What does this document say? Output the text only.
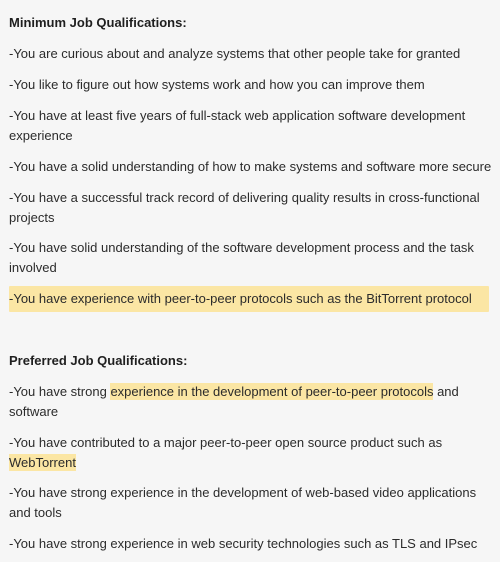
Minimum Job Qualifications:

-You are curious about and analyze systems that other people take for granted

-You like to figure out how systems work and how you can improve them

-You have at least five years of full-stack web application software development experience

-You have a solid understanding of how to make systems and software more secure

-You have a successful track record of delivering quality results in cross-functional projects

-You have solid understanding of the software development process and the task involved

-You have experience with peer-to-peer protocols such as the BitTorrent protocol

Preferred Job Qualifications:

-You have strong experience in the development of peer-to-peer protocols and software

-You have contributed to a major peer-to-peer open source product such as WebTorrent

-You have strong experience in the development of web-based video applications and tools

-You have strong experience in web security technologies such as TLS and IPsec
